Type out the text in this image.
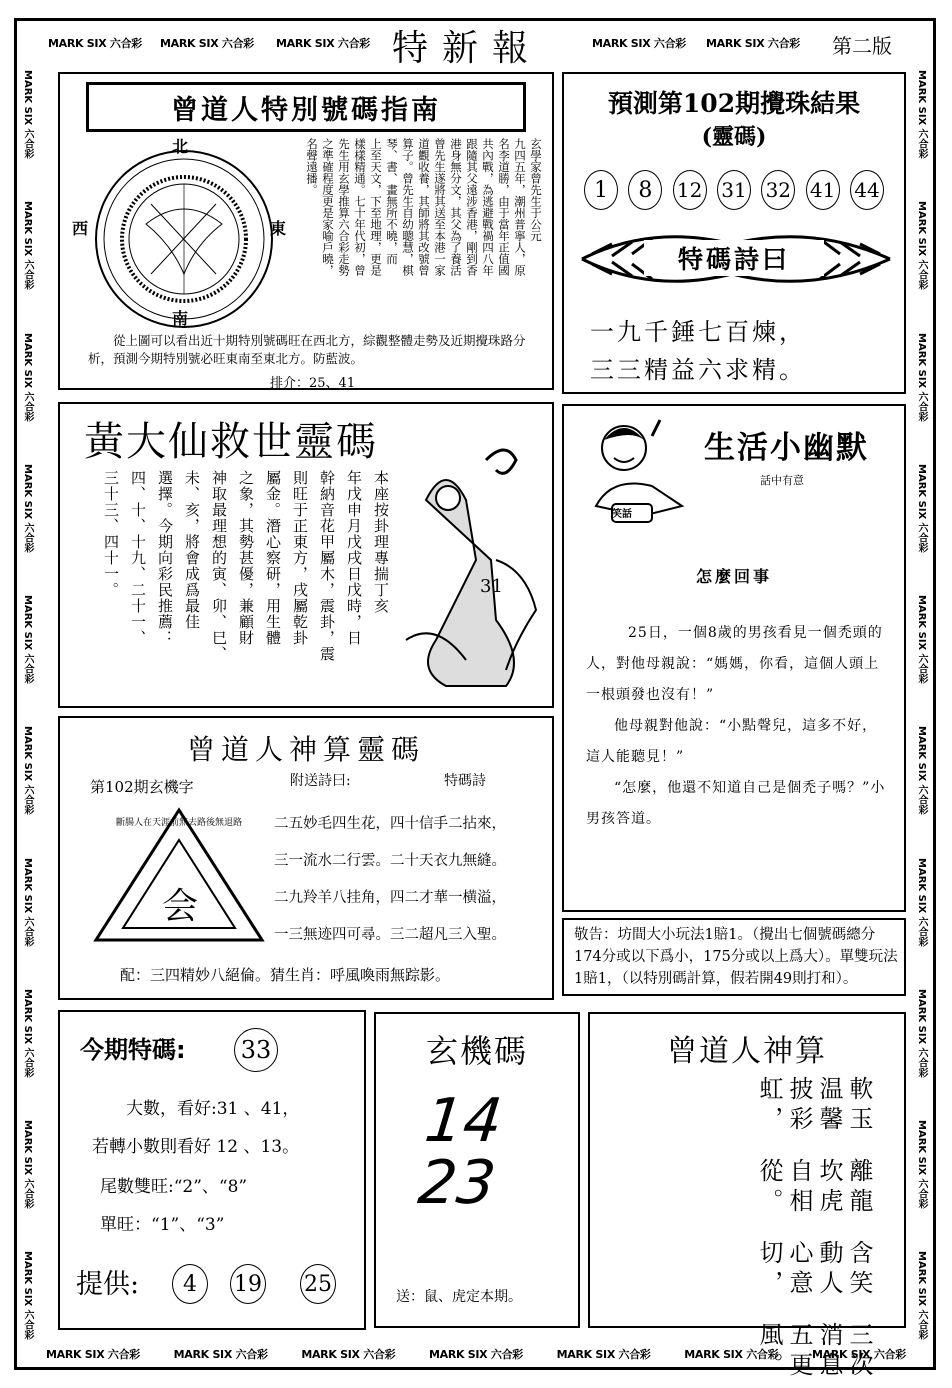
MARK SIX 六合彩 MARK SIX 六合彩 MARK SIX 六合彩 特新報	MARK SIX 六合彩 MARK SIX 六合彩 第二版
MARK SIX 六合彩
MARK SIX 六合彩
MARK SIX 六合彩
MARK SIX 六合彩
MARK SIX 六合彩
MARK SIX 六合彩
MARK SIX 六合彩
MARK SIX 六合彩
MARK SIX 六合彩
MARK SIX 六合彩
MARK SIX 六合彩
MARK SIX 六合彩
MARK SIX 六合彩
MARK SIX 六合彩
MARK SIX 六合彩
MARK SIX 六合彩
MARK SIX 六合彩
MARK SIX 六合彩
MARK SIX 六合彩
MARK SIX 六合彩
曾道人特別號碼指南
北
南
西	東	玄學家曾先生于公元
九四五年，潮州普寧人，原
名李道勝，由于當年正值國
共內戰，為逃避戰禍四八年
跟隨其父遠涉香港，剛到香
港身無分文，其父為了養活
曾先生遂將其送至本港一家
道觀收養，其師將其改號曾
算子。曾先生自幼聰慧，棋
琴、書、畫無所不曉，而
上至天文，下至地理，更是
樣樣精通。七十年代初，曾
先生用玄學推算六合彩走勢
之準確程度更是家喻戶曉，
名聲遠播。
從上圖可以看出近十期特別號碼旺在西北方，綜觀整體走勢及近期攪珠路分析，預測今期特別號必旺東南至東北方。防藍波。
排介：25、41
預測第102期攪珠結果
(靈碼)
1	8	12 31 32 41 44
特碼詩曰
一九千錘七百煉，
三三精益六求精。
黃大仙救世靈碼
本座按卦理專揣丁亥
年戊申月戊戌日戊時，日
幹納音花甲屬木，震卦，震
則旺于正東方，戌屬乾卦
屬金。潛心察研，用生體
之象，其勢甚優，兼顧財
神取最理想的寅、卯、巳、
未、亥，將會成爲最佳
選擇。今期向彩民推薦：
四、十、十九、二十一、
三十三、四十一。	31
笑話
生活小幽默
話中有意
怎麼回事
25日，一個8歲的男孩看見一個禿頭的人，對他母親說：“媽媽，你看，這個人頭上一根頭發也沒有！”
他母親對他說：“小點聲兒，這多不好，這人能聽見！”
“怎麼，他還不知道自己是個禿子嗎？”小男孩答道。
曾道人神算靈碼
第102期玄機字	附送詩曰:	特碼詩
斷腸人在天涯前無去路後無退路
会
二五妙毛四生花，四十信手二拈來，
三一流水二行雲。二十天衣九無縫。
二九羚羊八挂角，四二才華一横溢，
一三無迹四可尋。三二超凡三入聖。
配：三四精妙八絕倫。猜生肖：呼風喚雨無踪影。
敬告：坊間大小玩法1賠1。（攪出七個號碼總分174分或以下爲小，175分或以上爲大）。單雙玩法1賠1，（以特別碼計算，假若開49則打和）。
今期特碼: 33
大數，看好:31 、41，
若轉小數則看好 12 、13。
尾數雙旺:“2”、“8”
單旺：“1”、“3”
提供:	4	19 25
玄機碼
14
23
送：鼠、虎定本期。
曾道人神算
軟玉温馨披彩虹，
離龍坎虎自相從。
含笑動人心意切，
三次消息五更風。
MARK SIX 六合彩	MARK SIX 六合彩	MARK SIX 六合彩	MARK SIX 六合彩	MARK SIX 六合彩	MARK SIX 六合彩	MARK SIX 六合彩
